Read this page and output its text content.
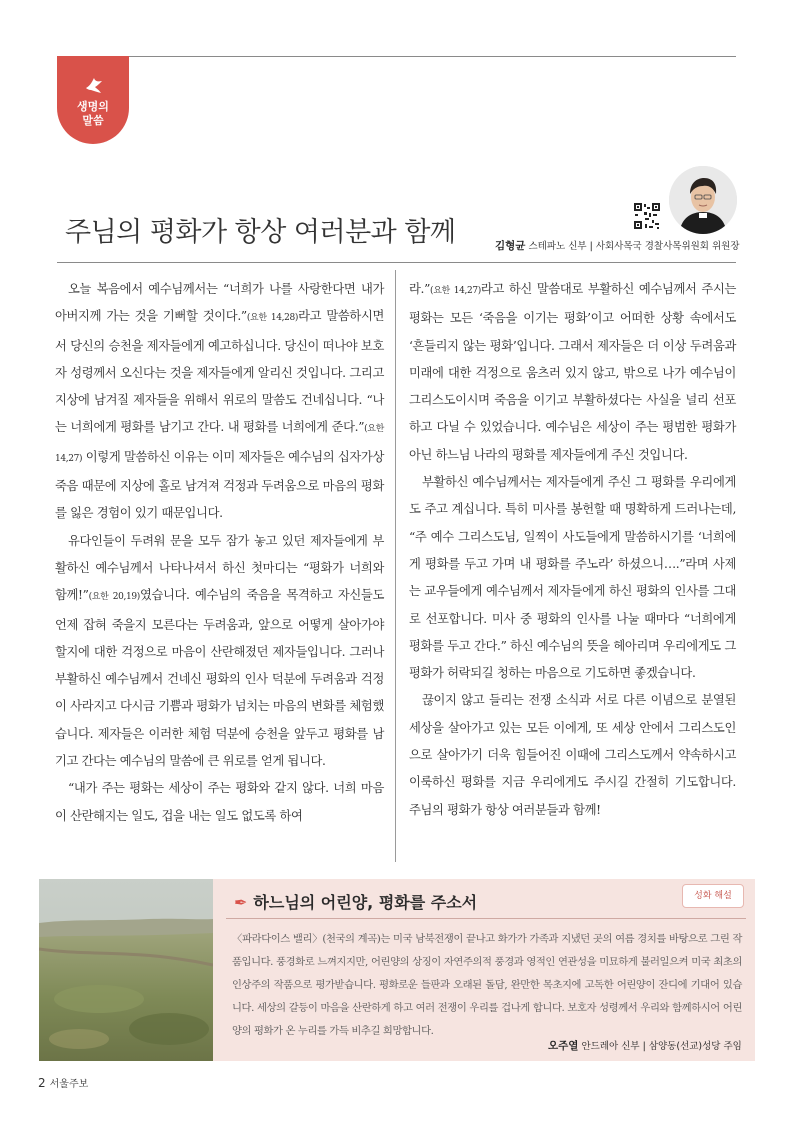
생명의
말씀
주님의 평화가 항상 여러분과 함께	김형균 스테파노 신부 | 사회사목국 경찰사목위원회 위원장

오늘 복음에서 예수님께서는 “너희가 나를 사랑한다면 내가 아버지께 가는 것을 기뻐할 것이다.”(요한 14,28)라고 말씀하시면서 당신의 승천을 제자들에게 예고하십니다. 당신이 떠나야 보호자 성령께서 오신다는 것을 제자들에게 알리신 것입니다. 그리고 지상에 남겨질 제자들을 위해서 위로의 말씀도 건네십니다. “나는 너희에게 평화를 남기고 간다. 내 평화를 너희에게 준다.”(요한 14,27) 이렇게 말씀하신 이유는 이미 제자들은 예수님의 십자가상 죽음 때문에 지상에 홀로 남겨져 걱정과 두려움으로 마음의 평화를 잃은 경험이 있기 때문입니다.

유다인들이 두려워 문을 모두 잠가 놓고 있던 제자들에게 부활하신 예수님께서 나타나셔서 하신 첫마디는 “평화가 너희와 함께!”(요한 20,19)였습니다. 예수님의 죽음을 목격하고 자신들도 언제 잡혀 죽을지 모른다는 두려움과, 앞으로 어떻게 살아가야 할지에 대한 걱정으로 마음이 산란해졌던 제자들입니다. 그러나 부활하신 예수님께서 건네신 평화의 인사 덕분에 두려움과 걱정이 사라지고 다시금 기쁨과 평화가 넘치는 마음의 변화를 체험했습니다. 제자들은 이러한 체험 덕분에 승천을 앞두고 평화를 남기고 간다는 예수님의 말씀에 큰 위로를 얻게 됩니다.

“내가 주는 평화는 세상이 주는 평화와 같지 않다. 너희 마음이 산란해지는 일도, 겁을 내는 일도 없도록 하여

라.”(요한 14,27)라고 하신 말씀대로 부활하신 예수님께서 주시는 평화는 모든 ‘죽음을 이기는 평화’이고 어떠한 상황 속에서도 ‘흔들리지 않는 평화’입니다. 그래서 제자들은 더 이상 두려움과 미래에 대한 걱정으로 움츠러 있지 않고, 밖으로 나가 예수님이 그리스도이시며 죽음을 이기고 부활하셨다는 사실을 널리 선포하고 다닐 수 있었습니다. 예수님은 세상이 주는 평범한 평화가 아닌 하느님 나라의 평화를 제자들에게 주신 것입니다.

부활하신 예수님께서는 제자들에게 주신 그 평화를 우리에게도 주고 계십니다. 특히 미사를 봉헌할 때 명확하게 드러나는데, “주 예수 그리스도님, 일찍이 사도들에게 말씀하시기를 ‘너희에게 평화를 두고 가며 내 평화를 주노라’ 하셨으니….”라며 사제는 교우들에게 예수님께서 제자들에게 하신 평화의 인사를 그대로 선포합니다. 미사 중 평화의 인사를 나눌 때마다 “너희에게 평화를 두고 간다.” 하신 예수님의 뜻을 헤아리며 우리에게도 그 평화가 허락되길 청하는 마음으로 기도하면 좋겠습니다.

끊이지 않고 들리는 전쟁 소식과 서로 다른 이념으로 분열된 세상을 살아가고 있는 모든 이에게, 또 세상 안에서 그리스도인으로 살아가기 더욱 힘들어진 이때에 그리스도께서 약속하시고 이룩하신 평화를 지금 우리에게도 주시길 간절히 기도합니다. 주님의 평화가 항상 여러분들과 함께!

✒ 하느님의 어린양, 평화를 주소서	성화 해설

〈파라다이스 밸리〉(천국의 계곡)는 미국 남북전쟁이 끝나고 화가가 가족과 지냈던 곳의 여름 경치를 바탕으로 그린 작품입니다. 풍경화로 느껴지지만, 어린양의 상징이 자연주의적 풍경과 영적인 연관성을 미묘하게 불러일으켜 미국 최초의 인상주의 작품으로 평가받습니다. 평화로운 들판과 오래된 돌담, 완만한 목초지에 고독한 어린양이 잔디에 기대어 있습니다. 세상의 갈등이 마음을 산란하게 하고 여러 전쟁이 우리를 겁나게 합니다. 보호자 성령께서 우리와 함께하시어 어린양의 평화가 온 누리를 가득 비추길 희망합니다.

오주열 안드레아 신부 | 삼양동(선교)성당 주임
2 서울주보
